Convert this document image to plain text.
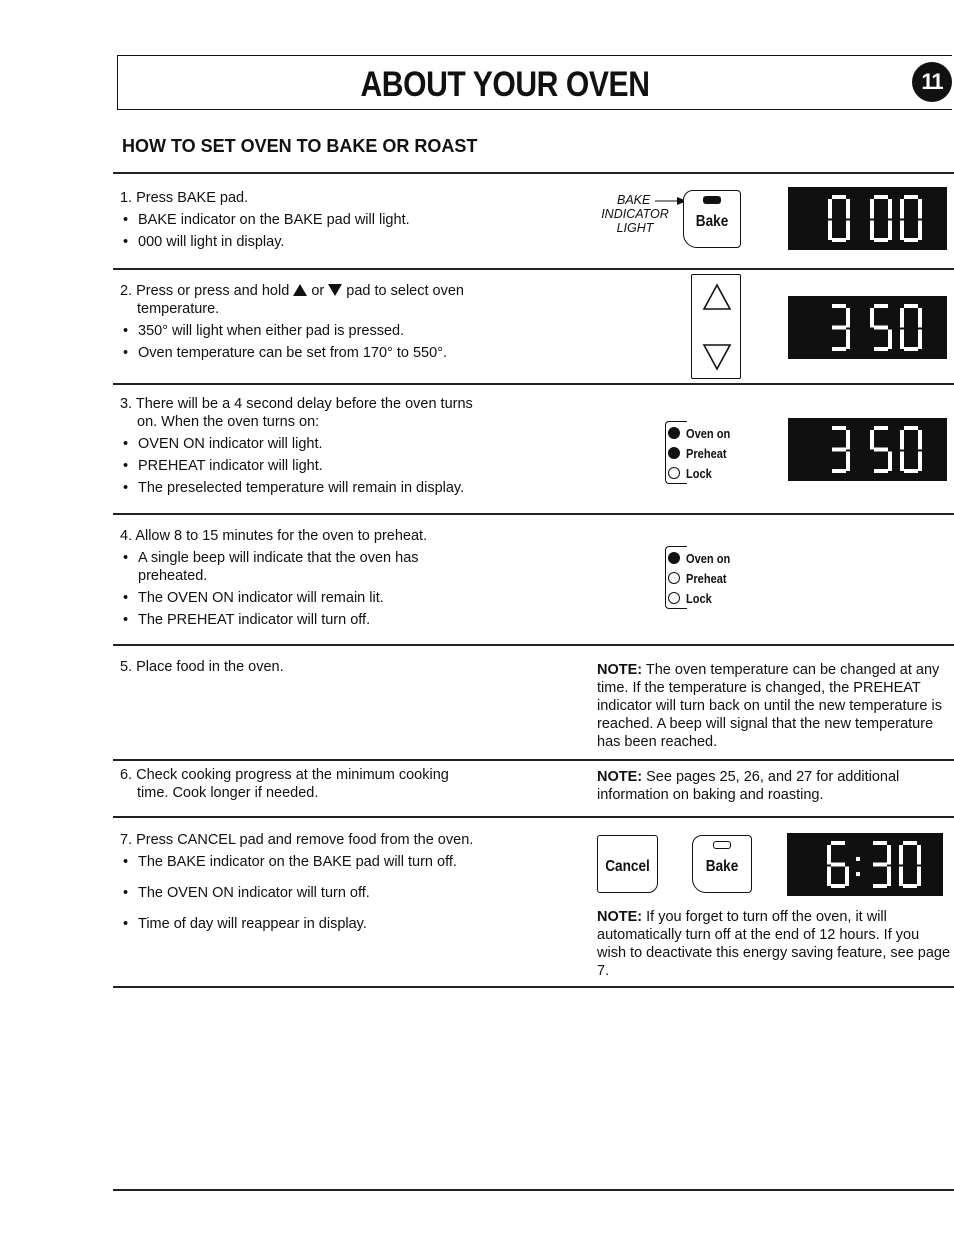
ABOUT YOUR OVEN	11
HOW TO SET OVEN TO BAKE OR ROAST
1. Press BAKE pad.
• BAKE indicator on the BAKE pad will light.
• 000 will light in display.
BAKE
INDICATOR
LIGHT	Bake
2. Press or press and hold or pad to select oven
temperature.
• 350° will light when either pad is pressed.
• Oven temperature can be set from 170° to 550°.
3. There will be a 4 second delay before the oven turns
on. When the oven turns on:
• OVEN ON indicator will light.
• PREHEAT indicator will light.
• The preselected temperature will remain in display.
Oven on
Preheat
Lock
4. Allow 8 to 15 minutes for the oven to preheat.
• A single beep will indicate that the oven has preheated.
• The OVEN ON indicator will remain lit.
• The PREHEAT indicator will turn off.
Oven on
Preheat
Lock
5. Place food in the oven.	NOTE: The oven temperature can be changed at any time. If the temperature is changed, the PREHEAT indicator will turn back on until the new temperature is reached. A beep will signal that the new temperature has been reached.
6. Check cooking progress at the minimum cooking
time. Cook longer if needed.
NOTE: See pages 25, 26, and 27 for additional information on baking and roasting.
7. Press CANCEL pad and remove food from the oven.
• The BAKE indicator on the BAKE pad will turn off.
• The OVEN ON indicator will turn off.
• Time of day will reappear in display.
Cancel	Bake
NOTE: If you forget to turn off the oven, it will automatically turn off at the end of 12 hours. If you wish to deactivate this energy saving feature, see page 7.
